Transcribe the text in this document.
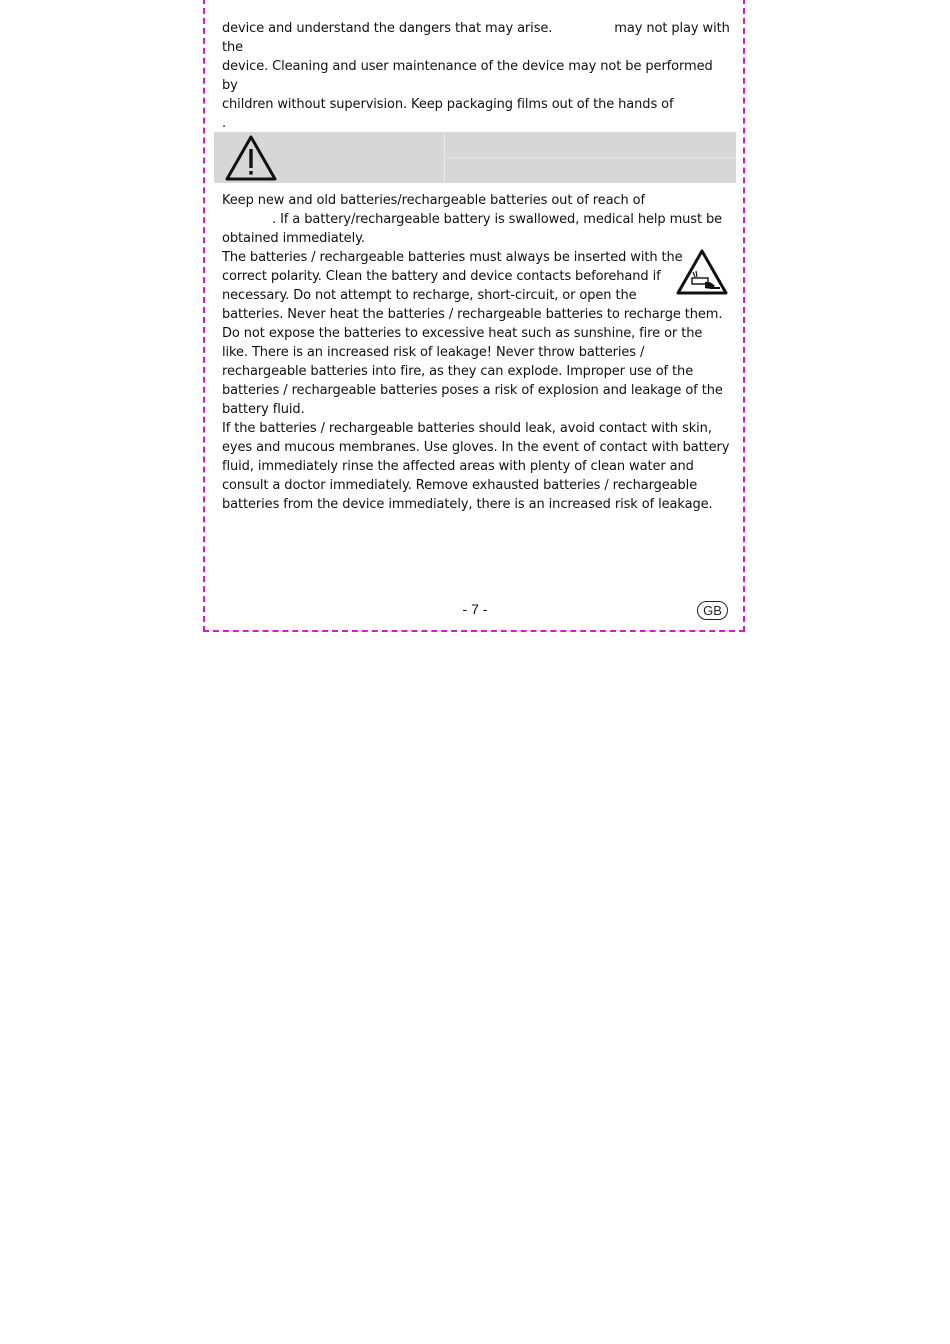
device and understand the dangers that may arise.	may not play with the
device. Cleaning and user maintenance of the device may not be performed by
children without supervision. Keep packaging films out of the hands of.
Keep new and old batteries/rechargeable batteries out of reach of
. If a battery/rechargeable battery is swallowed, medical help must be
obtained immediately.
The batteries / rechargeable batteries must always be inserted with the
correct polarity. Clean the battery and device contacts beforehand if
necessary. Do not attempt to recharge, short-circuit, or open the

batteries. Never heat the batteries / rechargeable batteries to recharge them. Do not expose the batteries to excessive heat such as sunshine, fire or the like. There is an increased risk of leakage! Never throw batteries / rechargeable batteries into fire, as they can explode. Improper use of the batteries / rechargeable batteries poses a risk of explosion and leakage of the battery fluid.

If the batteries / rechargeable batteries should leak, avoid contact with skin, eyes and mucous membranes. Use gloves. In the event of contact with battery fluid, immediately rinse the affected areas with plenty of clean water and consult a doctor immediately. Remove exhausted batteries / rechargeable batteries from the device immediately, there is an increased risk of leakage.

- 7 -	GB
